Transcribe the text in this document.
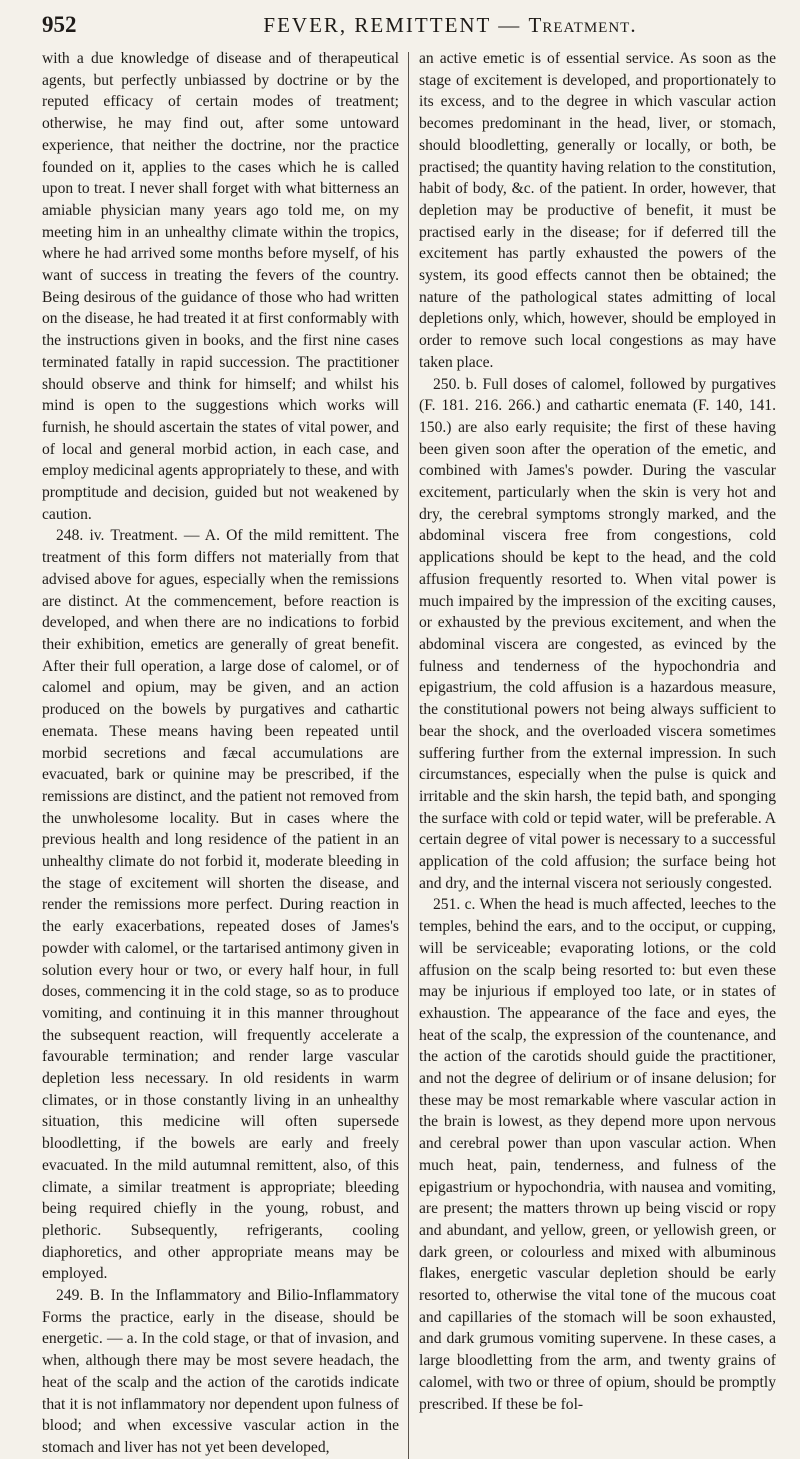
952	FEVER, REMITTENT — Treatment.

with a due knowledge of disease and of therapeutical agents, but perfectly unbiassed by doctrine or by the reputed efficacy of certain modes of treatment; otherwise, he may find out, after some untoward experience, that neither the doctrine, nor the practice founded on it, applies to the cases which he is called upon to treat. I never shall forget with what bitterness an amiable physician many years ago told me, on my meeting him in an unhealthy climate within the tropics, where he had arrived some months before myself, of his want of success in treating the fevers of the country. Being desirous of the guidance of those who had written on the disease, he had treated it at first conformably with the instructions given in books, and the first nine cases terminated fatally in rapid succession. The practitioner should observe and think for himself; and whilst his mind is open to the suggestions which works will furnish, he should ascertain the states of vital power, and of local and general morbid action, in each case, and employ medicinal agents appropriately to these, and with promptitude and decision, guided but not weakened by caution.

248. iv. Treatment. — A. Of the mild remittent. The treatment of this form differs not materially from that advised above for agues, especially when the remissions are distinct. At the commencement, before reaction is developed, and when there are no indications to forbid their exhibition, emetics are generally of great benefit. After their full operation, a large dose of calomel, or of calomel and opium, may be given, and an action produced on the bowels by purgatives and cathartic enemata. These means having been repeated until morbid secretions and fæcal accumulations are evacuated, bark or quinine may be prescribed, if the remissions are distinct, and the patient not removed from the unwholesome locality. But in cases where the previous health and long residence of the patient in an unhealthy climate do not forbid it, moderate bleeding in the stage of excitement will shorten the disease, and render the remissions more perfect. During reaction in the early exacerbations, repeated doses of James's powder with calomel, or the tartarised antimony given in solution every hour or two, or every half hour, in full doses, commencing it in the cold stage, so as to produce vomiting, and continuing it in this manner throughout the subsequent reaction, will frequently accelerate a favourable termination; and render large vascular depletion less necessary. In old residents in warm climates, or in those constantly living in an unhealthy situation, this medicine will often supersede bloodletting, if the bowels are early and freely evacuated. In the mild autumnal remittent, also, of this climate, a similar treatment is appropriate; bleeding being required chiefly in the young, robust, and plethoric. Subsequently, refrigerants, cooling diaphoretics, and other appropriate means may be employed.

249. B. In the Inflammatory and Bilio-Inflammatory Forms the practice, early in the disease, should be energetic. — a. In the cold stage, or that of invasion, and when, although there may be most severe headach, the heat of the scalp and the action of the carotids indicate that it is not inflammatory nor dependent upon fulness of blood; and when excessive vascular action in the stomach and liver has not yet been developed,

an active emetic is of essential service. As soon as the stage of excitement is developed, and proportionately to its excess, and to the degree in which vascular action becomes predominant in the head, liver, or stomach, should bloodletting, generally or locally, or both, be practised; the quantity having relation to the constitution, habit of body, &c. of the patient. In order, however, that depletion may be productive of benefit, it must be practised early in the disease; for if deferred till the excitement has partly exhausted the powers of the system, its good effects cannot then be obtained; the nature of the pathological states admitting of local depletions only, which, however, should be employed in order to remove such local congestions as may have taken place.

250. b. Full doses of calomel, followed by purgatives (F. 181. 216. 266.) and cathartic enemata (F. 140, 141. 150.) are also early requisite; the first of these having been given soon after the operation of the emetic, and combined with James's powder. During the vascular excitement, particularly when the skin is very hot and dry, the cerebral symptoms strongly marked, and the abdominal viscera free from congestions, cold applications should be kept to the head, and the cold affusion frequently resorted to. When vital power is much impaired by the impression of the exciting causes, or exhausted by the previous excitement, and when the abdominal viscera are congested, as evinced by the fulness and tenderness of the hypochondria and epigastrium, the cold affusion is a hazardous measure, the constitutional powers not being always sufficient to bear the shock, and the overloaded viscera sometimes suffering further from the external impression. In such circumstances, especially when the pulse is quick and irritable and the skin harsh, the tepid bath, and sponging the surface with cold or tepid water, will be preferable. A certain degree of vital power is necessary to a successful application of the cold affusion; the surface being hot and dry, and the internal viscera not seriously congested.

251. c. When the head is much affected, leeches to the temples, behind the ears, and to the occiput, or cupping, will be serviceable; evaporating lotions, or the cold affusion on the scalp being resorted to: but even these may be injurious if employed too late, or in states of exhaustion. The appearance of the face and eyes, the heat of the scalp, the expression of the countenance, and the action of the carotids should guide the practitioner, and not the degree of delirium or of insane delusion; for these may be most remarkable where vascular action in the brain is lowest, as they depend more upon nervous and cerebral power than upon vascular action. When much heat, pain, tenderness, and fulness of the epigastrium or hypochondria, with nausea and vomiting, are present; the matters thrown up being viscid or ropy and abundant, and yellow, green, or yellowish green, or dark green, or colourless and mixed with albuminous flakes, energetic vascular depletion should be early resorted to, otherwise the vital tone of the mucous coat and capillaries of the stomach will be soon exhausted, and dark grumous vomiting supervene. In these cases, a large bloodletting from the arm, and twenty grains of calomel, with two or three of opium, should be promptly prescribed. If these be fol-
